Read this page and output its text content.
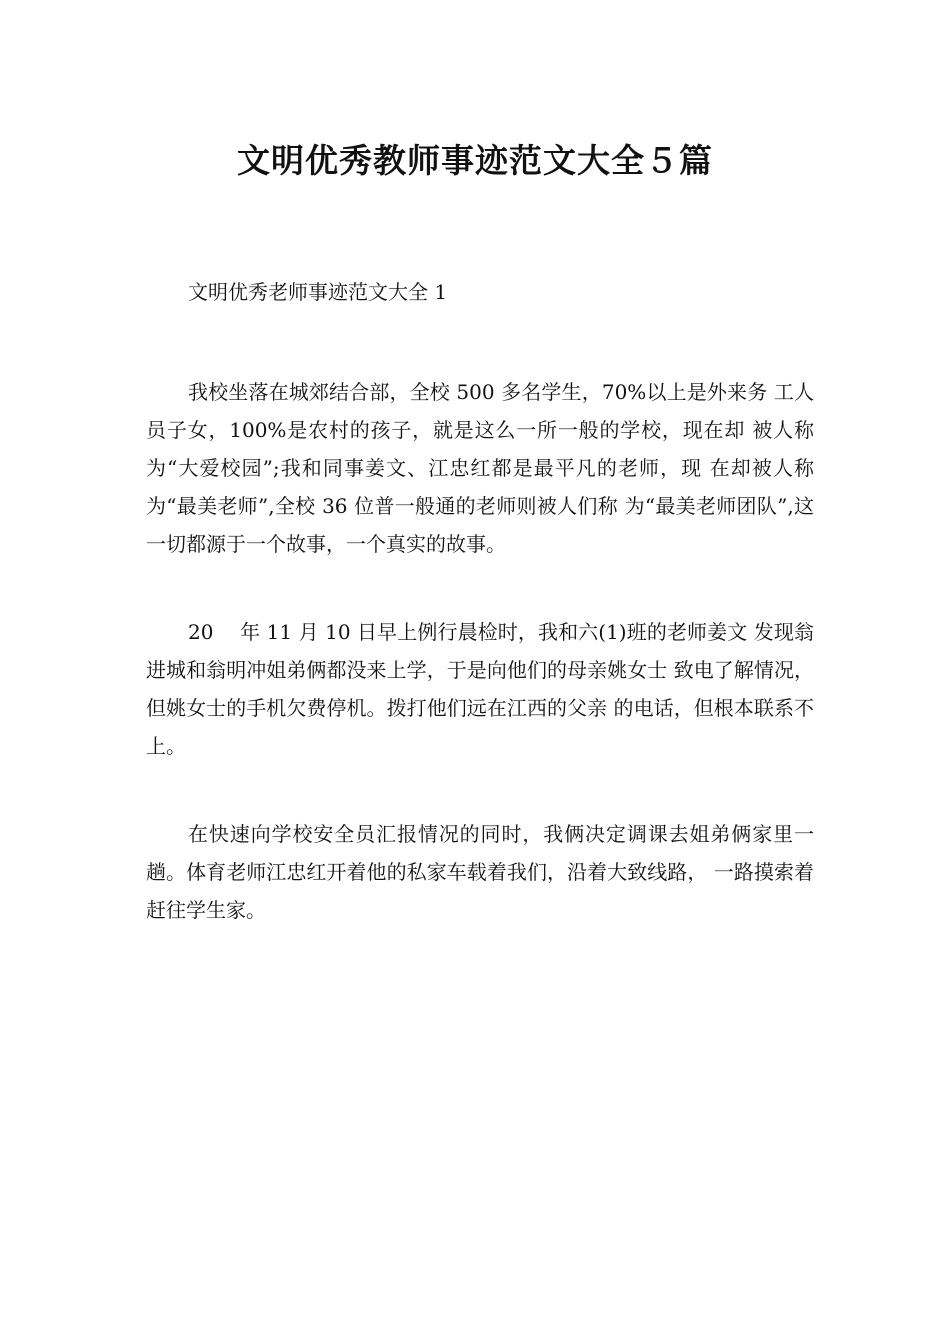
文明优秀教师事迹范文大全５篇

文明优秀老师事迹范文大全 1

我校坐落在城郊结合部，全校 500 多名学生，70%以上是外来务 工人员子女，100%是农村的孩子，就是这么一所一般的学校，现在却 被人称为“大爱校园”;我和同事姜文、江忠红都是最平凡的老师，现 在却被人称为“最美老师”,全校 36 位普一般通的老师则被人们称 为“最美老师团队”,这一切都源于一个故事，一个真实的故事。

20　 年 11 月 10 日早上例行晨检时，我和六(1)班的老师姜文 发现翁进城和翁明冲姐弟俩都没来上学，于是向他们的母亲姚女士 致电了解情况，但姚女士的手机欠费停机。拨打他们远在江西的父亲 的电话，但根本联系不上。

在快速向学校安全员汇报情况的同时，我俩决定调课去姐弟俩家里一趟。体育老师江忠红开着他的私家车载着我们，沿着大致线路， 一路摸索着赶往学生家。
